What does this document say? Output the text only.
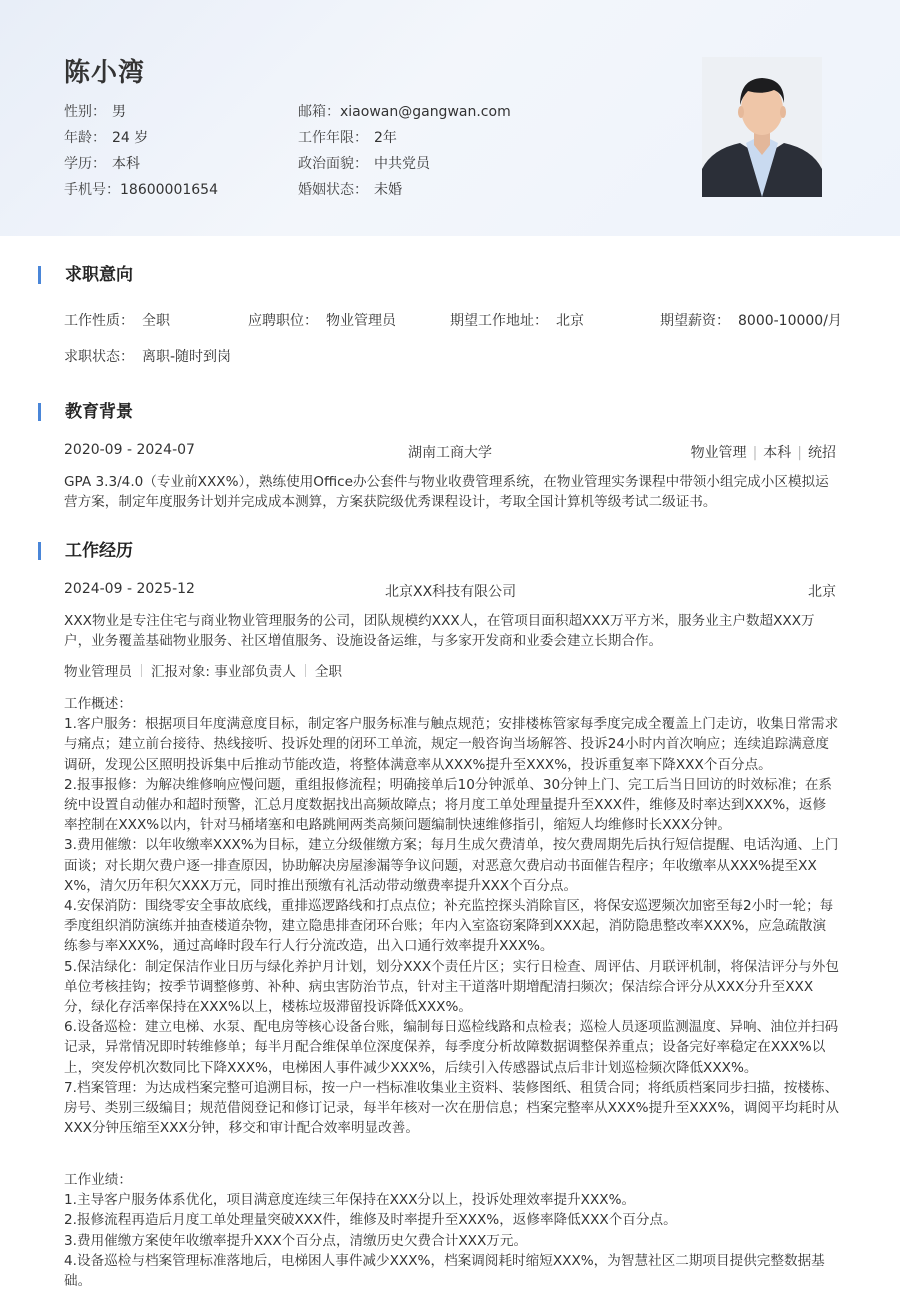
陈小湾
性别： 男
年龄： 24 岁
学历： 本科
手机号：18600001654
邮箱：xiaowan@gangwan.com
工作年限： 2年
政治面貌： 中共党员
婚姻状态： 未婚
求职意向
工作性质： 全职	应聘职位： 物业管理员	期望工作地址： 北京	期望薪资： 8000-10000/月
求职状态： 离职-随时到岗
教育背景
2020-09 - 2024-07	湖南工商大学	物业管理 | 本科 | 统招

GPA 3.3/4.0（专业前XXX%），熟练使用Office办公套件与物业收费管理系统，在物业管理实务课程中带领小组完成小区模拟运营方案，制定年度服务计划并完成成本测算，方案获院级优秀课程设计，考取全国计算机等级考试二级证书。

工作经历
2024-09 - 2025-12	北京XX科技有限公司	北京

XXX物业是专注住宅与商业物业管理服务的公司，团队规模约XXX人，在管项目面积超XXX万平方米，服务业主户数超XXX万户，业务覆盖基础物业服务、社区增值服务、设施设备运维，与多家开发商和业委会建立长期合作。

物业管理员 汇报对象: 事业部负责人 全职
工作概述：
1.客户服务：根据项目年度满意度目标，制定客户服务标准与触点规范；安排楼栋管家每季度完成全覆盖上门走访，收集日常需求与痛点；建立前台接待、热线接听、投诉处理的闭环工单流，规定一般咨询当场解答、投诉24小时内首次响应；连续追踪满意度调研，发现公区照明投诉集中后推动节能改造，将整体满意率从XXX%提升至XXX%，投诉重复率下降XXX个百分点。
2.报事报修：为解决维修响应慢问题，重组报修流程；明确接单后10分钟派单、30分钟上门、完工后当日回访的时效标准；在系统中设置自动催办和超时预警，汇总月度数据找出高频故障点；将月度工单处理量提升至XXX件，维修及时率达到XXX%，返修率控制在XXX%以内，针对马桶堵塞和电路跳闸两类高频问题编制快速维修指引，缩短人均维修时长XXX分钟。
3.费用催缴：以年收缴率XXX%为目标，建立分级催缴方案；每月生成欠费清单，按欠费周期先后执行短信提醒、电话沟通、上门面谈；对长期欠费户逐一排查原因，协助解决房屋渗漏等争议问题，对恶意欠费启动书面催告程序；年收缴率从XXX%提至XXX%，清欠历年积欠XXX万元，同时推出预缴有礼活动带动缴费率提升XXX个百分点。
4.安保消防：围绕零安全事故底线，重排巡逻路线和打点点位；补充监控探头消除盲区，将保安巡逻频次加密至每2小时一轮；每季度组织消防演练并抽查楼道杂物，建立隐患排查闭环台账；年内入室盗窃案降到XXX起，消防隐患整改率XXX%，应急疏散演练参与率XXX%，通过高峰时段车行人行分流改造，出入口通行效率提升XXX%。
5.保洁绿化：制定保洁作业日历与绿化养护月计划，划分XXX个责任片区；实行日检查、周评估、月联评机制，将保洁评分与外包单位考核挂钩；按季节调整修剪、补种、病虫害防治节点，针对主干道落叶期增配清扫频次；保洁综合评分从XXX分升至XXX分，绿化存活率保持在XXX%以上，楼栋垃圾滞留投诉降低XXX%。
6.设备巡检：建立电梯、水泵、配电房等核心设备台账，编制每日巡检线路和点检表；巡检人员逐项监测温度、异响、油位并扫码记录，异常情况即时转维修单；每半月配合维保单位深度保养，每季度分析故障数据调整保养重点；设备完好率稳定在XXX%以上，突发停机次数同比下降XXX%，电梯困人事件减少XXX%，后续引入传感器试点后非计划巡检频次降低XXX%。
7.档案管理：为达成档案完整可追溯目标，按一户一档标准收集业主资料、装修图纸、租赁合同；将纸质档案同步扫描，按楼栋、房号、类别三级编目；规范借阅登记和修订记录，每半年核对一次在册信息；档案完整率从XXX%提升至XXX%，调阅平均耗时从XXX分钟压缩至XXX分钟，移交和审计配合效率明显改善。
工作业绩：
1.主导客户服务体系优化，项目满意度连续三年保持在XXX分以上，投诉处理效率提升XXX%。
2.报修流程再造后月度工单处理量突破XXX件，维修及时率提升至XXX%，返修率降低XXX个百分点。
3.费用催缴方案使年收缴率提升XXX个百分点，清缴历史欠费合计XXX万元。
4.设备巡检与档案管理标准落地后，电梯困人事件减少XXX%，档案调阅耗时缩短XXX%，为智慧社区二期项目提供完整数据基础。
